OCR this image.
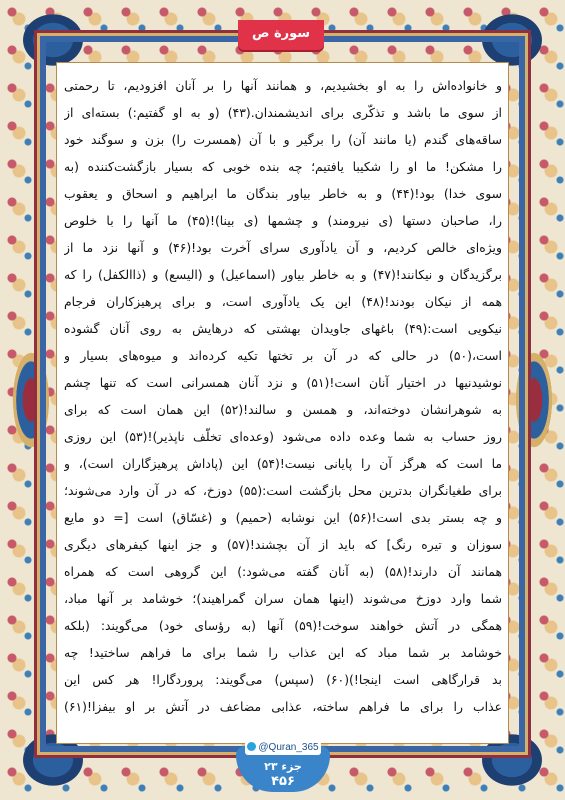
سورة ص
و خانواده‌اش را به او بخشیدیم، و همانند آنها را بر آنان افزودیم، تا رحمتی
از سوی ما باشد و تذکّری برای اندیشمندان.(۴۳) (و به او گفتیم:) بسته‌ای از
ساقه‌های گندم (یا مانند آن) را برگیر و با آن (همسرت را) بزن و سوگند خود
را مشکن! ما او را شکیبا یافتیم؛ چه بنده خوبی که بسیار بازگشت‌کننده (به
سوی خدا) بود!(۴۴) و به خاطر بیاور بندگان ما ابراهیم و اسحاق و یعقوب
را، صاحبان دستها (ی نیرومند) و چشمها (ی بینا)!(۴۵) ما آنها را با خلوص
ویژه‌ای خالص کردیم، و آن یادآوری سرای آخرت بود!(۴۶) و آنها نزد ما از
برگزیدگان و نیکانند!(۴۷) و به خاطر بیاور (اسماعیل) و (الیسع) و (ذاالکفل) را که
همه از نیکان بودند!(۴۸) این یک یادآوری است، و برای پرهیزکاران فرجام
نیکویی است:(۴۹) باغهای جاویدان بهشتی که درهایش به روی آنان گشوده
است،(۵۰) در حالی که در آن بر تختها تکیه کرده‌اند و میوه‌های بسیار و
نوشیدنیها در اختیار آنان است!(۵۱) و نزد آنان همسرانی است که تنها چشم
به شوهرانشان دوخته‌اند، و همسن و سالند!(۵۲) این همان است که برای
روز حساب به شما وعده داده می‌شود (وعده‌ای تخلّف ناپذیر)!(۵۳) این روزی
ما است که هرگز آن را پایانی نیست!(۵۴) این (پاداش پرهیزگاران است)، و
برای طغیانگران بدترین محل بازگشت است:(۵۵) دوزخ، که در آن وارد می‌شوند؛
و چه بستر بدی است!(۵۶) این نوشابه (حمیم) و (غسّاق) است [= دو مایع
سوزان و تیره رنگ] که باید از آن بچشند!(۵۷) و جز اینها کیفرهای دیگری
همانند آن دارند!(۵۸) (به آنان گفته می‌شود:) این گروهی است که همراه
شما وارد دوزخ می‌شوند (اینها همان سران گمراهیند)؛ خوشامد بر آنها مباد،
همگی در آتش خواهند سوخت!(۵۹) آنها (به رؤسای خود) می‌گویند: (بلکه
خوشامد بر شما مباد که این عذاب را شما برای ما فراهم ساختید! چه
بد قرارگاهی است اینجا!)(۶۰) (سپس) می‌گویند: پروردگارا! هر کس این
عذاب را برای ما فراهم ساخته، عذابی مضاعف در آتش بر او بیفزا!(۶۱)
جزء ۲۳
۴۵۶
@Quran_365
